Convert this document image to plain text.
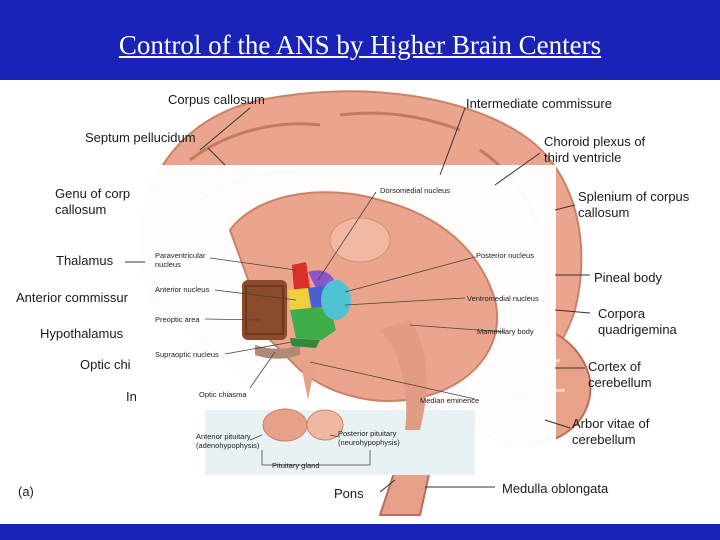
Control of the ANS by Higher Brain Centers
Corpus callosum	Intermediate commissure
Septum pellucidum	Choroid plexus of
third ventricle
Genu of corp
callosum
Splenium of corpus
callosum
Thalamus
Pineal body
Anterior commissur
Corpora
quadrigemina
Hypothalamus
Optic chi	Cortex of
cerebellum
In
Arbor vitae of
cerebellum
Pons	Medulla oblongata
(a)
Dorsomedial nucleus
Paraventricular
nucleus
Posterior nucleus
Anterior nucleus
Ventromedial nucleus
Preoptic area
Mammillary body
Supraoptic nucleus
Optic chiasma
Median eminence
Anterior pituitary
(adenohypophysis)
Posterior pituitary
(neurohypophysis)
Pituitary gland
